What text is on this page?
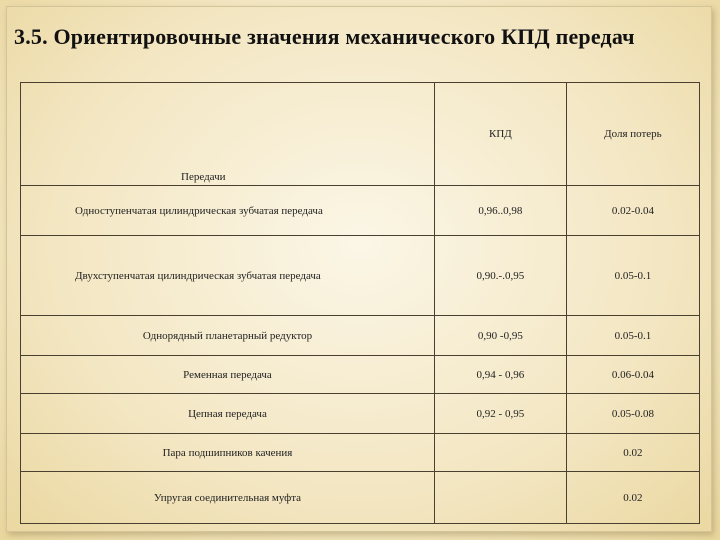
3.5. Ориентировочные значения механического КПД передач
Передачи	КПД	Доля потерь
Одноступенчатая цилиндрическая зубчатая передача	0,96..0,98	0.02-0.04
Двухступенчатая цилиндрическая зубчатая передача	0,90.-.0,95	0.05-0.1
Однорядный планетарный редуктор	0,90 -0,95	0.05-0.1
Ременная передача	0,94 - 0,96	0.06-0.04
Цепная передача	0,92 - 0,95	0.05-0.08
Пара подшипников качения		0.02
Упругая соединительная муфта		0.02
